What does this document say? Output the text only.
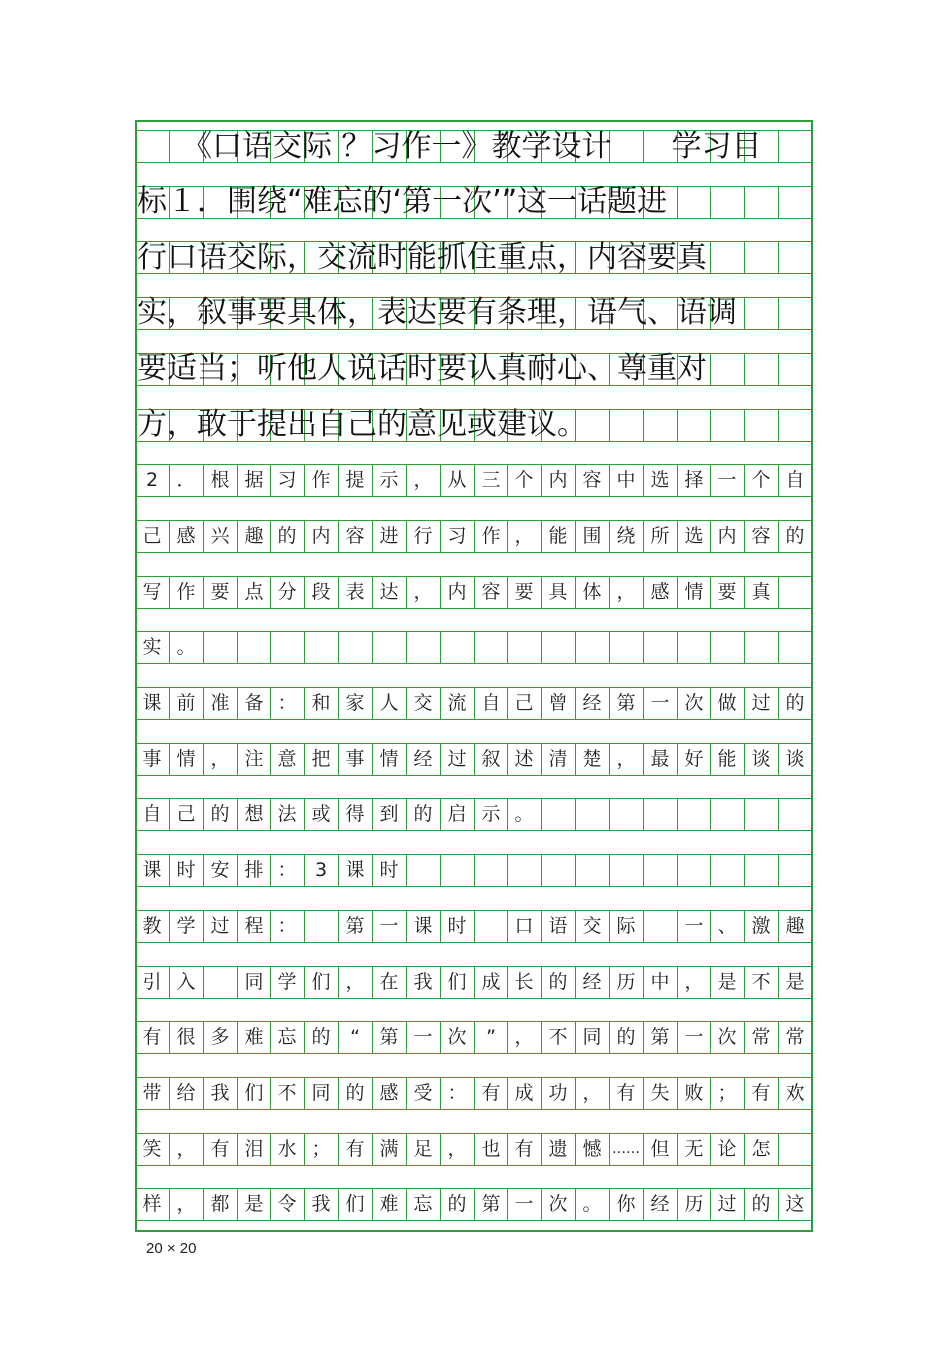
　　《口语交际 ？习作一》教学设计　　学习目
标１．围绕“难忘的‘第一次’”这一话题进
行口语交际，交流时能抓住重点，内容要真
实，叙事要具体，表达要有条理，语气、语调
要适当；听他人说话时要认真耐心、尊重对
方，敢于提出自己的意见或建议。
2 ． 根 据 习 作 提 示 ， 从 三 个 内 容 中 选 择 一 个 自
己 感 兴 趣 的 内 容 进 行 习 作 ， 能 围 绕 所 选 内 容 的
写 作 要 点 分 段 表 达 ， 内 容 要 具 体 ， 感 情 要 真
实 。
课 前 准 备 ： 和 家 人 交 流 自 己 曾 经 第 一 次 做 过 的
事 情 ， 注 意 把 事 情 经 过 叙 述 清 楚 ， 最 好 能 谈 谈
自 己 的 想 法 或 得 到 的 启 示 。
课 时 安 排 ： 3 课 时
教 学 过 程 ：	第 一 课 时	口 语 交 际	一 、 激 趣
引 入	同 学 们 ， 在 我 们 成 长 的 经 历 中 ， 是 不 是
有 很 多 难 忘 的	“	第 一 次	” ， 不 同 的 第 一 次 常 常
带 给 我 们 不 同 的 感 受 ： 有 成 功 ， 有 失 败 ； 有 欢
笑 ， 有 泪 水 ； 有 满 足 ， 也 有 遗 憾 …… 但 无 论 怎
样 ， 都 是 令 我 们 难 忘 的 第 一 次 。 你 经 历 过 的 这
20 × 20
